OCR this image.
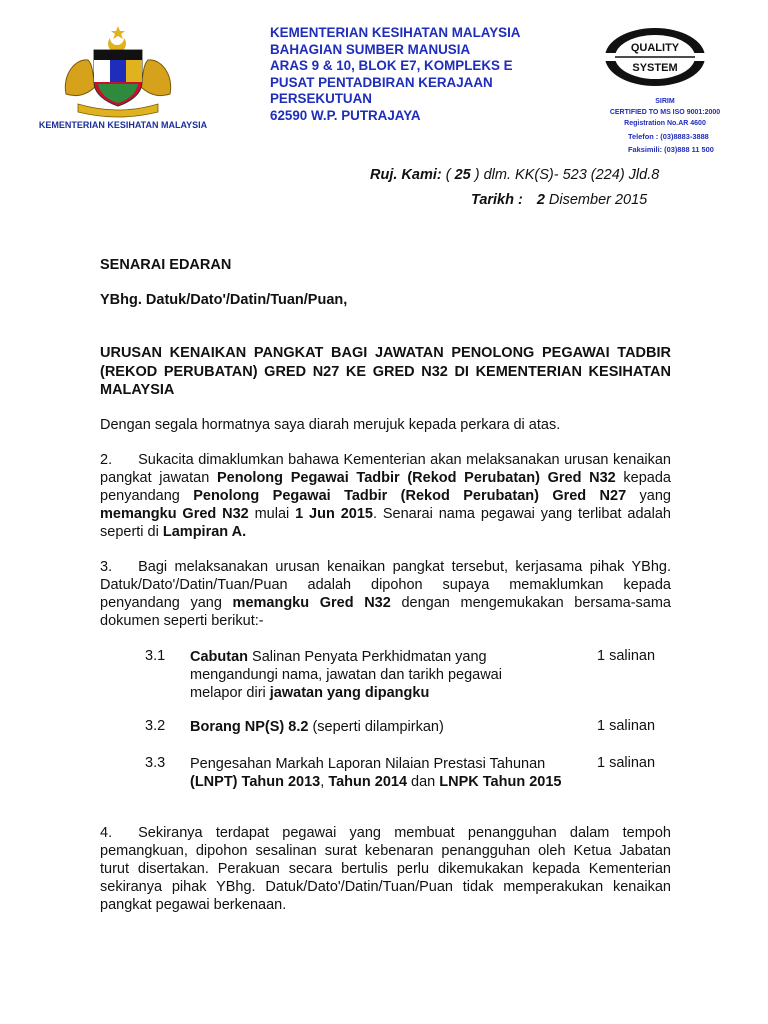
KEMENTERIAN KESIHATAN MALAYSIA
KEMENTERIAN KESIHATAN MALAYSIA
BAHAGIAN SUMBER MANUSIA
ARAS 9 & 10, BLOK E7, KOMPLEKS E
PUSAT PENTADBIRAN KERAJAAN
PERSEKUTUAN
62590 W.P. PUTRAJAYA
QUALITY
SYSTEM
SIRIM
CERTIFIED TO MS ISO 9001:2000
Registration No.AR 4600
Telefon : (03)8883-3888
Faksimili: (03)888 11 500
Ruj. Kami: ( 25 ) dlm. KK(S)- 523 (224) Jld.8
Tarikh : 2 Disember 2015
SENARAI EDARAN
YBhg. Datuk/Dato'/Datin/Tuan/Puan,
URUSAN KENAIKAN PANGKAT BAGI JAWATAN PENOLONG PEGAWAI TADBIR (REKOD PERUBATAN) GRED N27 KE GRED N32 DI KEMENTERIAN KESIHATAN MALAYSIA
Dengan segala hormatnya saya diarah merujuk kepada perkara di atas.
2. Sukacita dimaklumkan bahawa Kementerian akan melaksanakan urusan kenaikan pangkat jawatan Penolong Pegawai Tadbir (Rekod Perubatan) Gred N32 kepada penyandang Penolong Pegawai Tadbir (Rekod Perubatan) Gred N27 yang memangku Gred N32 mulai 1 Jun 2015. Senarai nama pegawai yang terlibat adalah seperti di Lampiran A.
3. Bagi melaksanakan urusan kenaikan pangkat tersebut, kerjasama pihak YBhg. Datuk/Dato'/Datin/Tuan/Puan adalah dipohon supaya memaklumkan kepada penyandang yang memangku Gred N32 dengan mengemukakan bersama-sama dokumen seperti berikut:-
3.1 Cabutan Salinan Penyata Perkhidmatan yang mengandungi nama, jawatan dan tarikh pegawai melapor diri jawatan yang dipangku
1 salinan
3.2 Borang NP(S) 8.2 (seperti dilampirkan)	1 salinan
3.3 Pengesahan Markah Laporan Nilaian Prestasi Tahunan (LNPT) Tahun 2013, Tahun 2014 dan LNPK Tahun 2015
1 salinan
4. Sekiranya terdapat pegawai yang membuat penangguhan dalam tempoh pemangkuan, dipohon sesalinan surat kebenaran penangguhan oleh Ketua Jabatan turut disertakan. Perakuan secara bertulis perlu dikemukakan kepada Kementerian sekiranya pihak YBhg. Datuk/Dato'/Datin/Tuan/Puan tidak memperakukan kenaikan pangkat pegawai berkenaan.
